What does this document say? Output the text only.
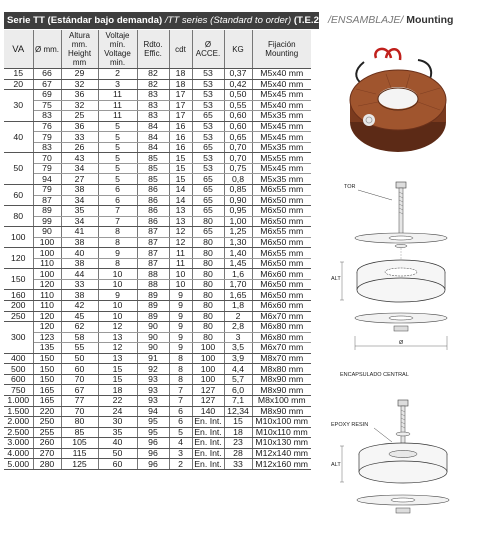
Serie TT (Estándar bajo demanda) /TT series (Standard to order) (T.E.230V)
/ENSAMBLAJE/ Mounting
VA	Ø mm.	Altura mm. Height mm	Voltaje mín. Voltage min.	Rdto. Effic.	cdt	Ø ACCE.	KG	Fijación Mounting
15	66	29	2	82	18	53	0,37	M5x40 mm
20	67	32	3	82	18	53	0,42	M5x40 mm
30	69	36	11	83	17	53	0,50	M5x45 mm
	75	32	11	83	17	53	0,55	M5x40 mm
	83	25	11	83	17	65	0,60	M5x35 mm
40	76	36	5	84	16	53	0,60	M5x45 mm
	79	33	5	84	16	53	0,65	M5x45 mm
	83	26	5	84	16	65	0,70	M5x35 mm
50	70	43	5	85	15	53	0,70	M5x55 mm
	79	34	5	85	15	53	0,75	M5x45 mm
	94	27	5	85	15	65	0,8	M5x35 mm
60	79	38	6	86	14	65	0,85	M6x55 mm
	87	34	6	86	14	65	0,90	M6x50 mm
80	89	35	7	86	13	65	0,95	M6x50 mm
	99	34	7	86	13	80	1,00	M6x50 mm
100	90	41	8	87	12	65	1,25	M6x55 mm
	100	38	8	87	12	80	1,30	M6x50 mm
120	100	40	9	87	11	80	1,40	M6x55 mm
	110	38	8	87	11	80	1,45	M6x50 mm
150	100	44	10	88	10	80	1,6	M6x60 mm
	120	33	10	88	10	80	1,70	M6x50 mm
160	110	38	9	89	9	80	1,65	M6x50 mm
200	110	42	10	89	9	80	1,8	M6x60 mm
250	120	45	10	89	9	80	2	M6x70 mm
300	120	62	12	90	9	80	2,8	M6x80 mm
	123	58	13	90	9	80	3	M6x80 mm
	135	55	12	90	9	100	3,5	M6x70 mm
400	150	50	13	91	8	100	3,9	M8x70 mm
500	150	60	15	92	8	100	4,4	M8x80 mm
600	150	70	15	93	8	100	5,7	M8x90 mm
750	165	67	18	93	7	127	6,0	M8x90 mm
1.000	165	77	22	93	7	127	7,1	M8x100 mm
1.500	220	70	24	94	6	140	12,34	M8x90 mm
2.000	250	80	30	95	6	En. Int.	15	M10x100 mm
2.500	255	85	35	95	5	En. Int.	18	M10x110 mm
3.000	260	105	40	96	4	En. Int.	23	M10x130 mm
4.000	270	115	50	96	3	En. Int.	28	M12x140 mm
5.000	280	125	60	96	2	En. Int.	33	M12x160 mm
TOR
ALT
Ø
ENCAPSULADO CENTRAL
EPOXY RESIN
ALT
